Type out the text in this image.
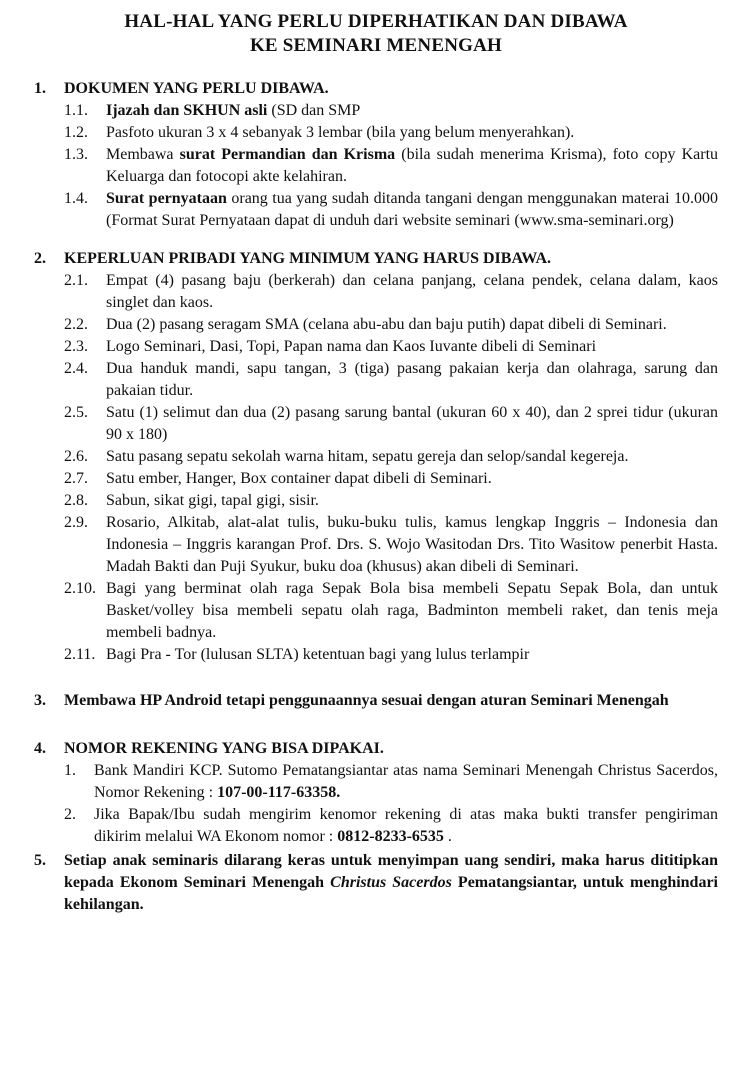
HAL-HAL YANG PERLU DIPERHATIKAN DAN DIBAWA
KE SEMINARI MENENGAH
1.	DOKUMEN YANG PERLU DIBAWA.
1.1.	Ijazah dan SKHUN asli (SD dan SMP
1.2.	Pasfoto ukuran 3 x 4 sebanyak 3 lembar (bila yang belum menyerahkan).
1.3.	Membawa surat Permandian dan Krisma (bila sudah menerima Krisma), foto copy Kartu Keluarga dan fotocopi akte kelahiran.
1.4.	Surat pernyataan orang tua yang sudah ditanda tangani dengan menggunakan materai 10.000 (Format Surat Pernyataan dapat di unduh dari website seminari (www.sma-seminari.org)
2.	KEPERLUAN PRIBADI YANG MINIMUM YANG HARUS DIBAWA.
2.1.	Empat (4) pasang baju (berkerah) dan celana panjang, celana pendek, celana dalam, kaos singlet dan kaos.
2.2.	Dua (2) pasang seragam SMA (celana abu-abu dan baju putih) dapat dibeli di Seminari.
2.3.	Logo Seminari, Dasi, Topi, Papan nama dan Kaos Iuvante dibeli di Seminari
2.4.	Dua handuk mandi, sapu tangan, 3 (tiga) pasang pakaian kerja dan olahraga, sarung dan pakaian tidur.
2.5.	Satu (1) selimut dan dua (2) pasang sarung bantal (ukuran 60 x 40), dan 2 sprei tidur (ukuran 90 x 180)
2.6.	Satu pasang sepatu sekolah warna hitam, sepatu gereja dan selop/sandal kegereja.
2.7.	Satu ember, Hanger, Box container dapat dibeli di Seminari.
2.8.	Sabun, sikat gigi, tapal gigi, sisir.
2.9.	Rosario, Alkitab, alat-alat tulis, buku-buku tulis, kamus lengkap Inggris – Indonesia dan Indonesia – Inggris karangan Prof. Drs. S. Wojo Wasitodan Drs. Tito Wasitow penerbit Hasta. Madah Bakti dan Puji Syukur, buku doa (khusus) akan dibeli di Seminari.
2.10. Bagi yang berminat olah raga Sepak Bola bisa membeli Sepatu Sepak Bola, dan untuk Basket/volley bisa membeli sepatu olah raga, Badminton membeli raket, dan tenis meja membeli badnya.
2.11. Bagi Pra - Tor (lulusan SLTA) ketentuan bagi yang lulus terlampir
3.	Membawa HP Android tetapi penggunaannya sesuai dengan aturan Seminari Menengah
4.	NOMOR REKENING YANG BISA DIPAKAI.
1.	Bank Mandiri KCP. Sutomo Pematangsiantar atas nama Seminari Menengah Christus Sacerdos, Nomor Rekening : 107-00-117-63358.
2.	Jika Bapak/Ibu sudah mengirim kenomor rekening di atas maka bukti transfer pengiriman dikirim melalui WA Ekonom nomor : 0812-8233-6535 .
5.	Setiap anak seminaris dilarang keras untuk menyimpan uang sendiri, maka harus dititipkan kepada Ekonom Seminari Menengah Christus Sacerdos Pematangsiantar, untuk menghindari kehilangan.
